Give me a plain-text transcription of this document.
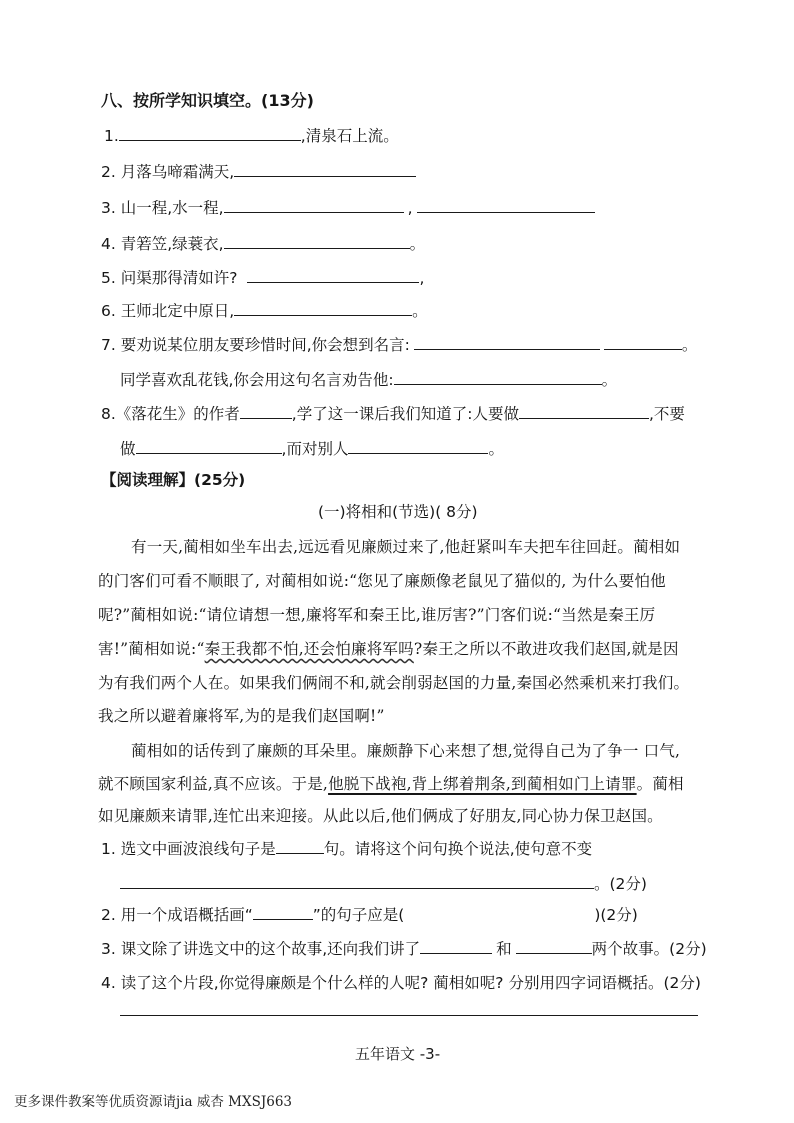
八、按所学知识填空。(13分)
1.	,清泉石上流。
2. 月落乌啼霜满天,
3. 山一程,水一程,	,
4. 青箬笠,绿蓑衣,	。
5. 问渠那得清如许?	,
6. 王师北定中原日,	。
7. 要劝说某位朋友要珍惜时间,你会想到名言:	。
同学喜欢乱花钱,你会用这句名言劝告他:	。
8.《落花生》的作者	,学了这一课后我们知道了:人要做	,不要
做	,而对别人	。
【阅读理解】(25分)
(一)将相和(节选)( 8分)
有一天,蔺相如坐车出去,远远看见廉颇过来了,他赶紧叫车夫把车往回赶。蔺相如
的门客们可看不顺眼了, 对蔺相如说:“您见了廉颇像老鼠见了猫似的, 为什么要怕他
呢?”蔺相如说:“请位请想一想,廉将军和秦王比,谁厉害?”门客们说:“当然是秦王厉
害!”蔺相如说:“秦王我都不怕,还会怕廉将军吗?秦王之所以不敢进攻我们赵国,就是因
为有我们两个人在。如果我们俩闹不和,就会削弱赵国的力量,秦国必然乘机来打我们。
我之所以避着廉将军,为的是我们赵国啊!”
蔺相如的话传到了廉颇的耳朵里。廉颇静下心来想了想,觉得自己为了争一 口气,
就不顾国家利益,真不应该。于是,他脱下战袍,背上绑着荆条,到蔺相如门上请罪。蔺相
如见廉颇来请罪,连忙出来迎接。从此以后,他们俩成了好朋友,同心协力保卫赵国。
1. 选文中画波浪线句子是	句。请将这个问句换个说法,使句意不变
。(2分)
2. 用一个成语概括画“	”的句子应是(	)(2分)
3. 课文除了讲选文中的这个故事,还向我们讲了	和	两个故事。(2分)
4. 读了这个片段,你觉得廉颇是个什么样的人呢? 蔺相如呢? 分别用四字词语概括。(2分)
五年语文 -3-
更多课件教案等优质资源请jia 威杏 MXSJ663
